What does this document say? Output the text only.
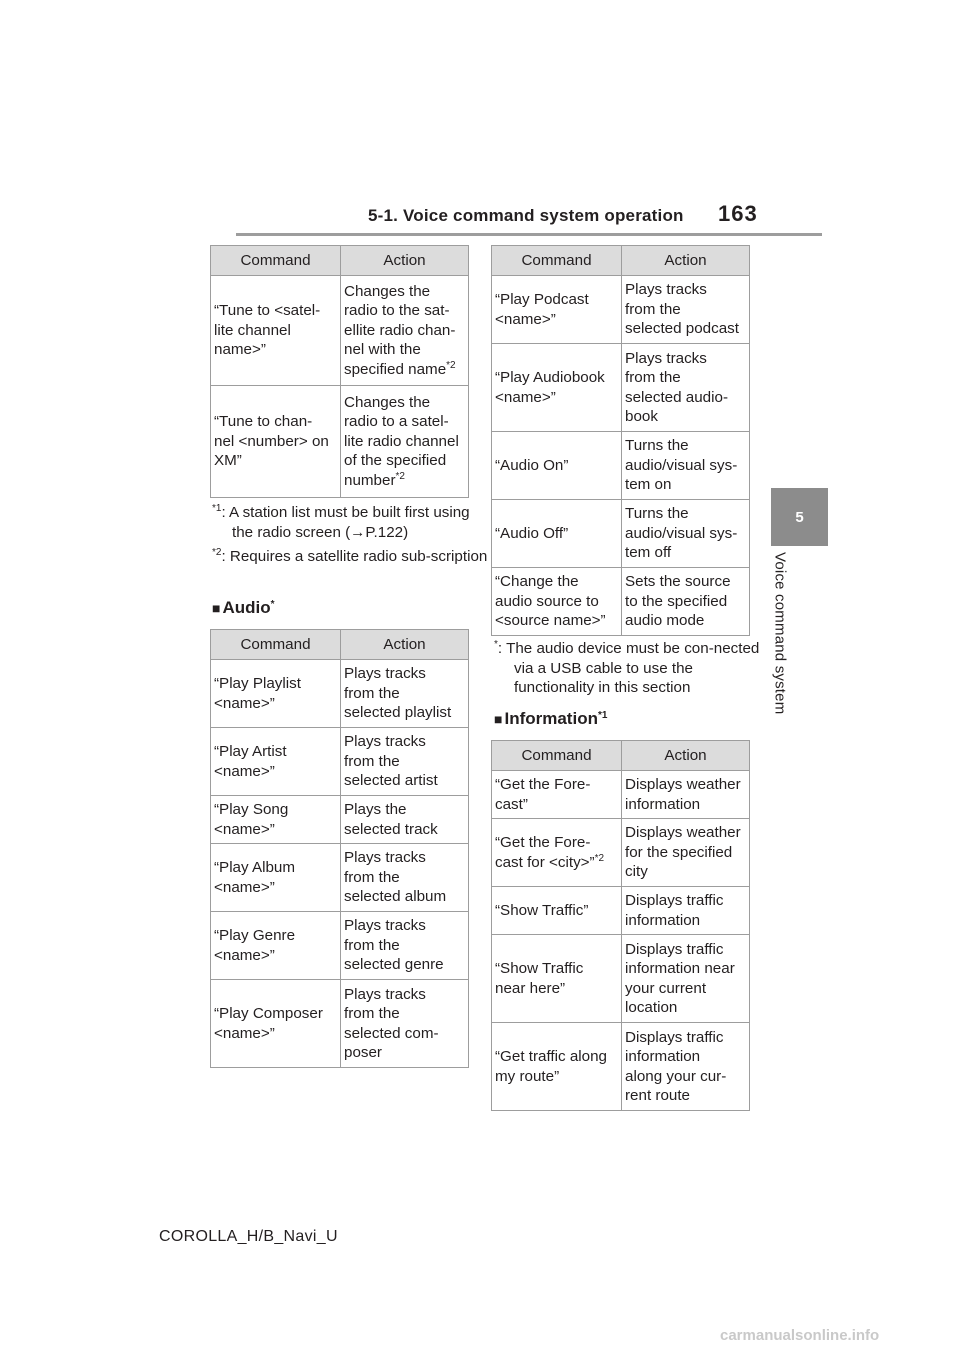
5-1. Voice command system operation 163
5
Voice command system
Command	Action
“Tune to <satel-
lite channel
name>”	Changes the
radio to the sat-
ellite radio chan-
nel with the
specified name$^{*2}$
“Tune to chan-
nel <number> on
XM”	Changes the
radio to a satel-
lite radio channel
of the specified
number$^{*2}$
$^{*1}$: A station list must be built first using the radio screen (→P.122)
$^{*2}$: Requires a satellite radio sub-scription
■ Audio*
Command	Action
“Play Playlist
<name>”	Plays tracks
from the
selected playlist
“Play Artist
<name>”	Plays tracks
from the
selected artist
“Play Song
<name>”	Plays the
selected track
“Play Album
<name>”	Plays tracks
from the
selected album
“Play Genre
<name>”	Plays tracks
from the
selected genre
“Play Composer
<name>”	Plays tracks
from the
selected com-
poser
Command	Action
“Play Podcast
<name>”	Plays tracks
from the
selected podcast
“Play Audiobook
<name>”	Plays tracks
from the
selected audio-
book
“Audio On”	Turns the
audio/visual sys-
tem on
“Audio Off”	Turns the
audio/visual sys-
tem off
“Change the
audio source to
<source name>”	Sets the source
to the specified
audio mode
*: The audio device must be con-nected via a USB cable to use the functionality in this section
■ Information$^{*1}$
Command	Action
“Get the Fore-
cast”	Displays weather
information
“Get the Fore-
cast for <city>”$^{*2}$	Displays weather
for the specified
city
“Show Traffic”	Displays traffic
information
“Show Traffic
near here”	Displays traffic
information near
your current
location
“Get traffic along
my route”	Displays traffic
information
along your cur-
rent route
COROLLA_H/B_Navi_U
carmanualsonline.info
